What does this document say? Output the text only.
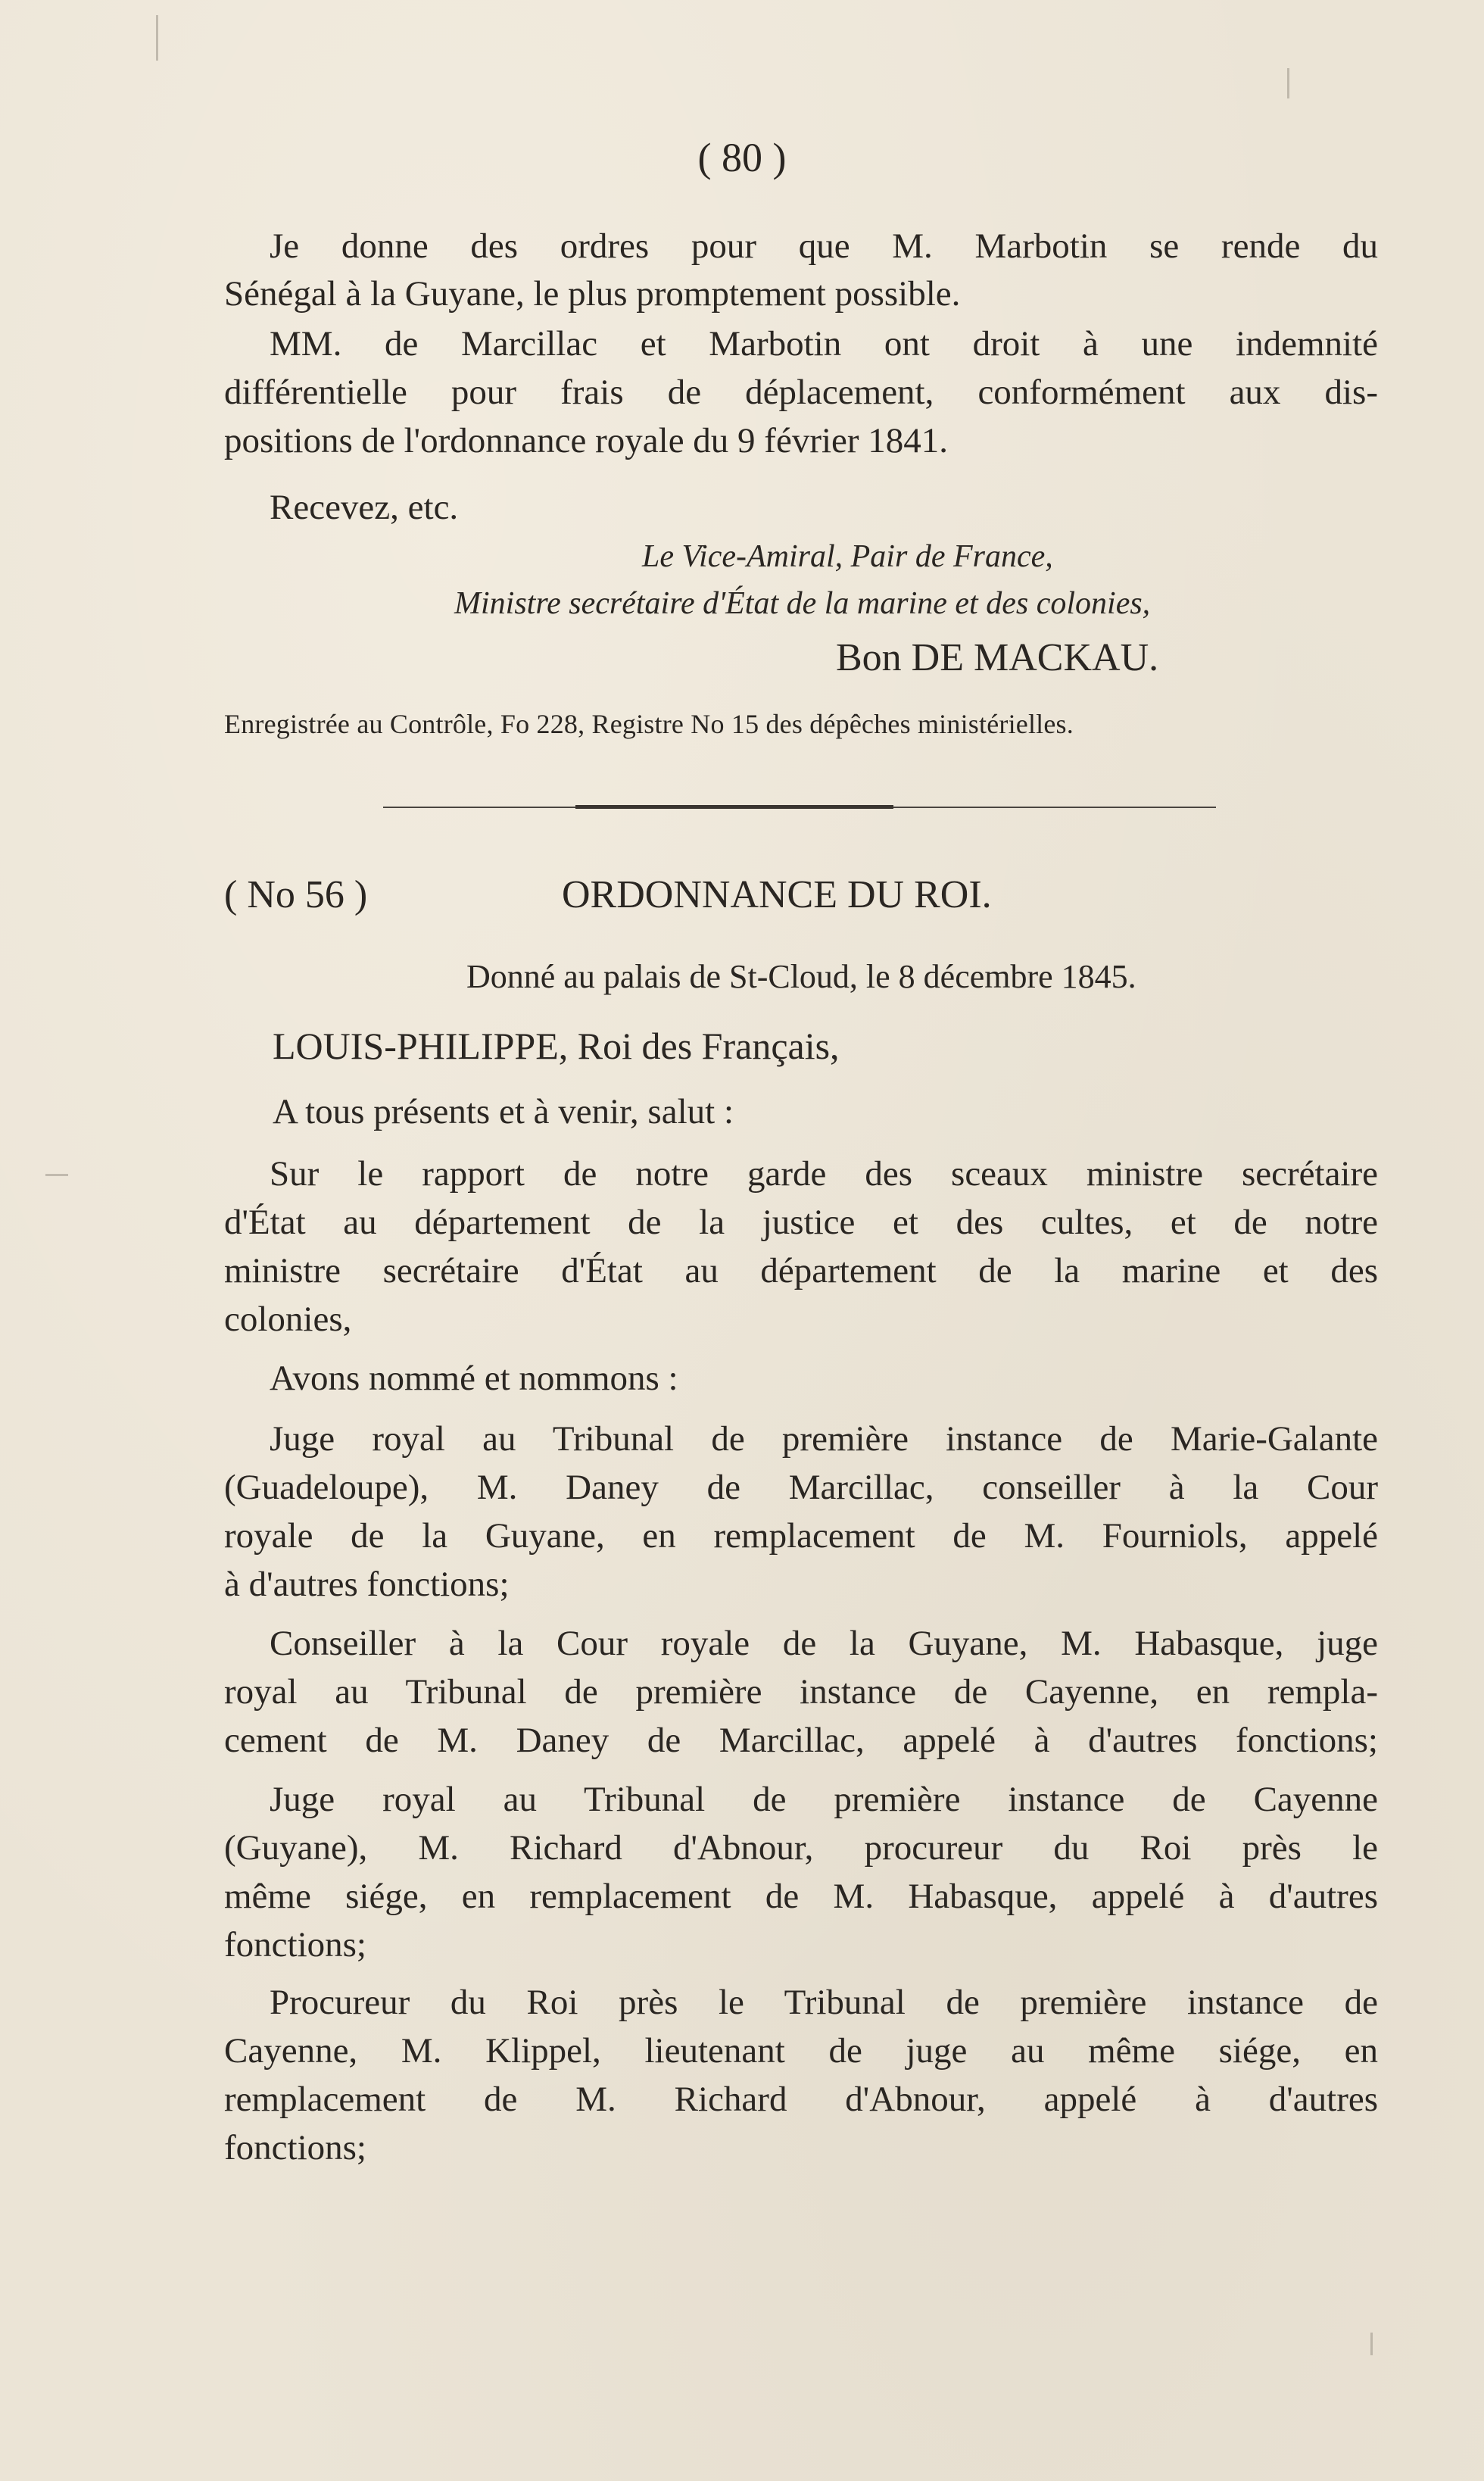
( 80 )
Je donne des ordres pour que M. Marbotin se rende du
Sénégal à la Guyane, le plus promptement possible.
MM. de Marcillac et Marbotin ont droit à une indemnité
différentielle pour frais de déplacement, conformément aux dis-
positions de l'ordonnance royale du 9 février 1841.
Recevez, etc.
Le Vice-Amiral, Pair de France,
Ministre secrétaire d'État de la marine et des colonies,
Bon DE MACKAU.
Enregistrée au Contrôle, Fo 228, Registre No 15 des dépêches ministérielles.
( No 56 )	ORDONNANCE DU ROI.
Donné au palais de St-Cloud, le 8 décembre 1845.
LOUIS-PHILIPPE, Roi des Français,
A tous présents et à venir, salut :
Sur le rapport de notre garde des sceaux ministre secrétaire
d'État au département de la justice et des cultes, et de notre
ministre secrétaire d'État au département de la marine et des
colonies,
Avons nommé et nommons :
Juge royal au Tribunal de première instance de Marie-Galante
(Guadeloupe), M. Daney de Marcillac, conseiller à la Cour
royale de la Guyane, en remplacement de M. Fourniols, appelé
à d'autres fonctions;
Conseiller à la Cour royale de la Guyane, M. Habasque, juge
royal au Tribunal de première instance de Cayenne, en rempla-
cement de M. Daney de Marcillac, appelé à d'autres fonctions;
Juge royal au Tribunal de première instance de Cayenne
(Guyane), M. Richard d'Abnour, procureur du Roi près le
même siége, en remplacement de M. Habasque, appelé à d'autres
fonctions;
Procureur du Roi près le Tribunal de première instance de
Cayenne, M. Klippel, lieutenant de juge au même siége, en
remplacement de M. Richard d'Abnour, appelé à d'autres
fonctions;
